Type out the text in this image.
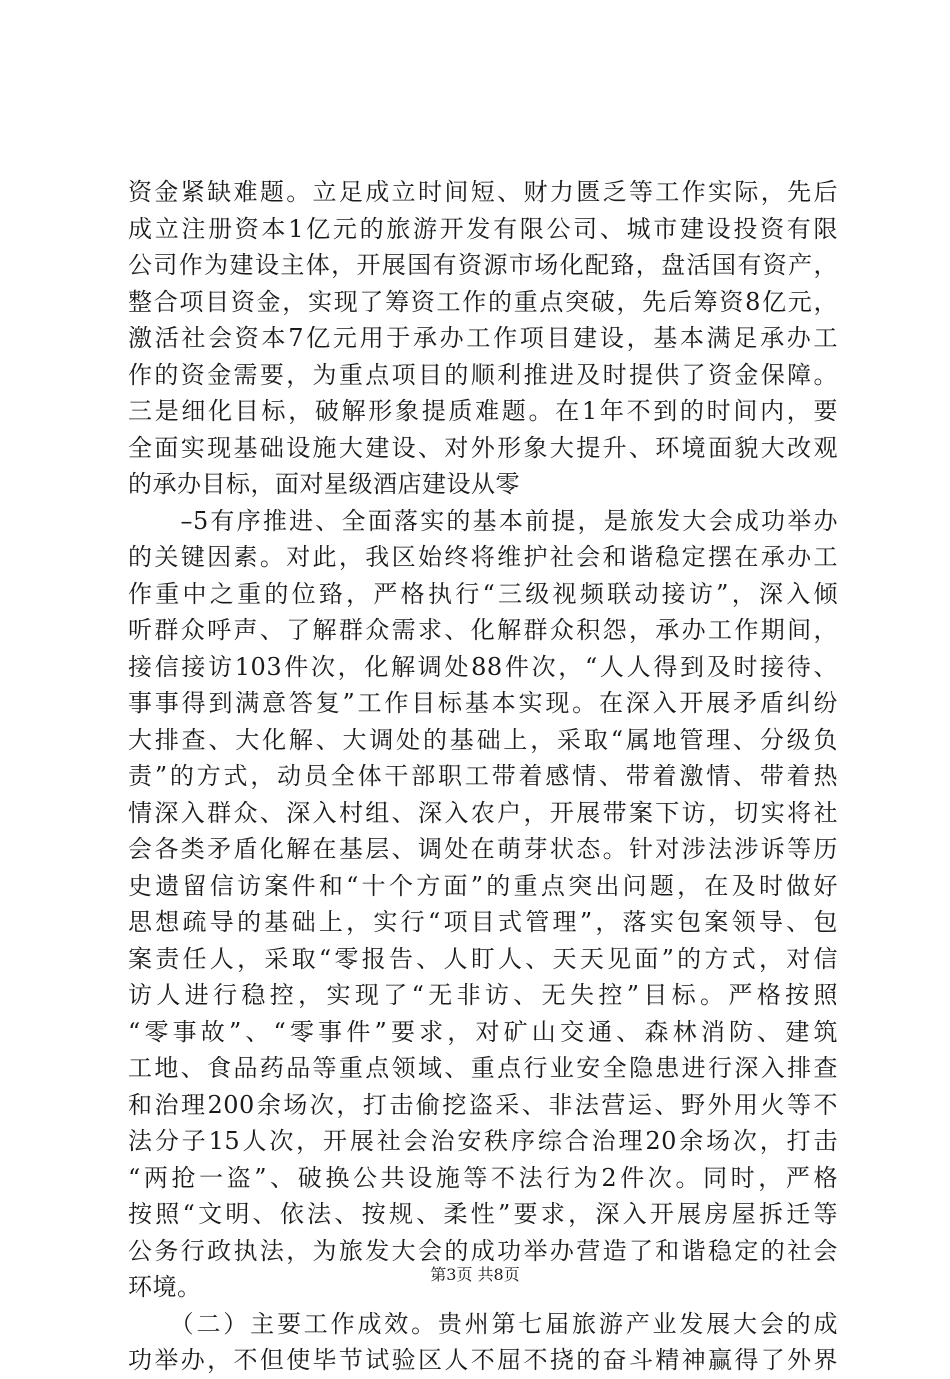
资金紧缺难题。立足成立时间短、财力匮乏等工作实际，先后
成立注册资本1亿元的旅游开发有限公司、城市建设投资有限
公司作为建设主体，开展国有资源市场化配臵，盘活国有资产，
整合项目资金，实现了筹资工作的重点突破，先后筹资8亿元，
激活社会资本7亿元用于承办工作项目建设，基本满足承办工
作的资金需要，为重点项目的顺利推进及时提供了资金保障。
三是细化目标，破解形象提质难题。在1年不到的时间内，要
全面实现基础设施大建设、对外形象大提升、环境面貌大改观
的承办目标，面对星级酒店建设从零
　　–5有序推进、全面落实的基本前提，是旅发大会成功举办
的关键因素。对此，我区始终将维护社会和谐稳定摆在承办工
作重中之重的位臵，严格执行“三级视频联动接访”，深入倾
听群众呼声、了解群众需求、化解群众积怨，承办工作期间，
接信接访103件次，化解调处88件次，“人人得到及时接待、
事事得到满意答复”工作目标基本实现。在深入开展矛盾纠纷
大排查、大化解、大调处的基础上，采取“属地管理、分级负
责”的方式，动员全体干部职工带着感情、带着激情、带着热
情深入群众、深入村组、深入农户，开展带案下访，切实将社
会各类矛盾化解在基层、调处在萌芽状态。针对涉法涉诉等历
史遗留信访案件和“十个方面”的重点突出问题，在及时做好
思想疏导的基础上，实行“项目式管理”，落实包案领导、包
案责任人，采取“零报告、人盯人、天天见面”的方式，对信
访人进行稳控，实现了“无非访、无失控”目标。严格按照
“零事故”、“零事件”要求，对矿山交通、森林消防、建筑
工地、食品药品等重点领域、重点行业安全隐患进行深入排查
和治理200余场次，打击偷挖盗采、非法营运、野外用火等不
法分子15人次，开展社会治安秩序综合治理20余场次，打击
“两抢一盗”、破换公共设施等不法行为2件次。同时，严格
按照“文明、依法、按规、柔性”要求，深入开展房屋拆迁等
公务行政执法，为旅发大会的成功举办营造了和谐稳定的社会
环境。
　　（二）主要工作成效。贵州第七届旅游产业发展大会的成
功举办，不但使毕节试验区人不屈不挠的奋斗精神赢得了外界
第3页 共8页
